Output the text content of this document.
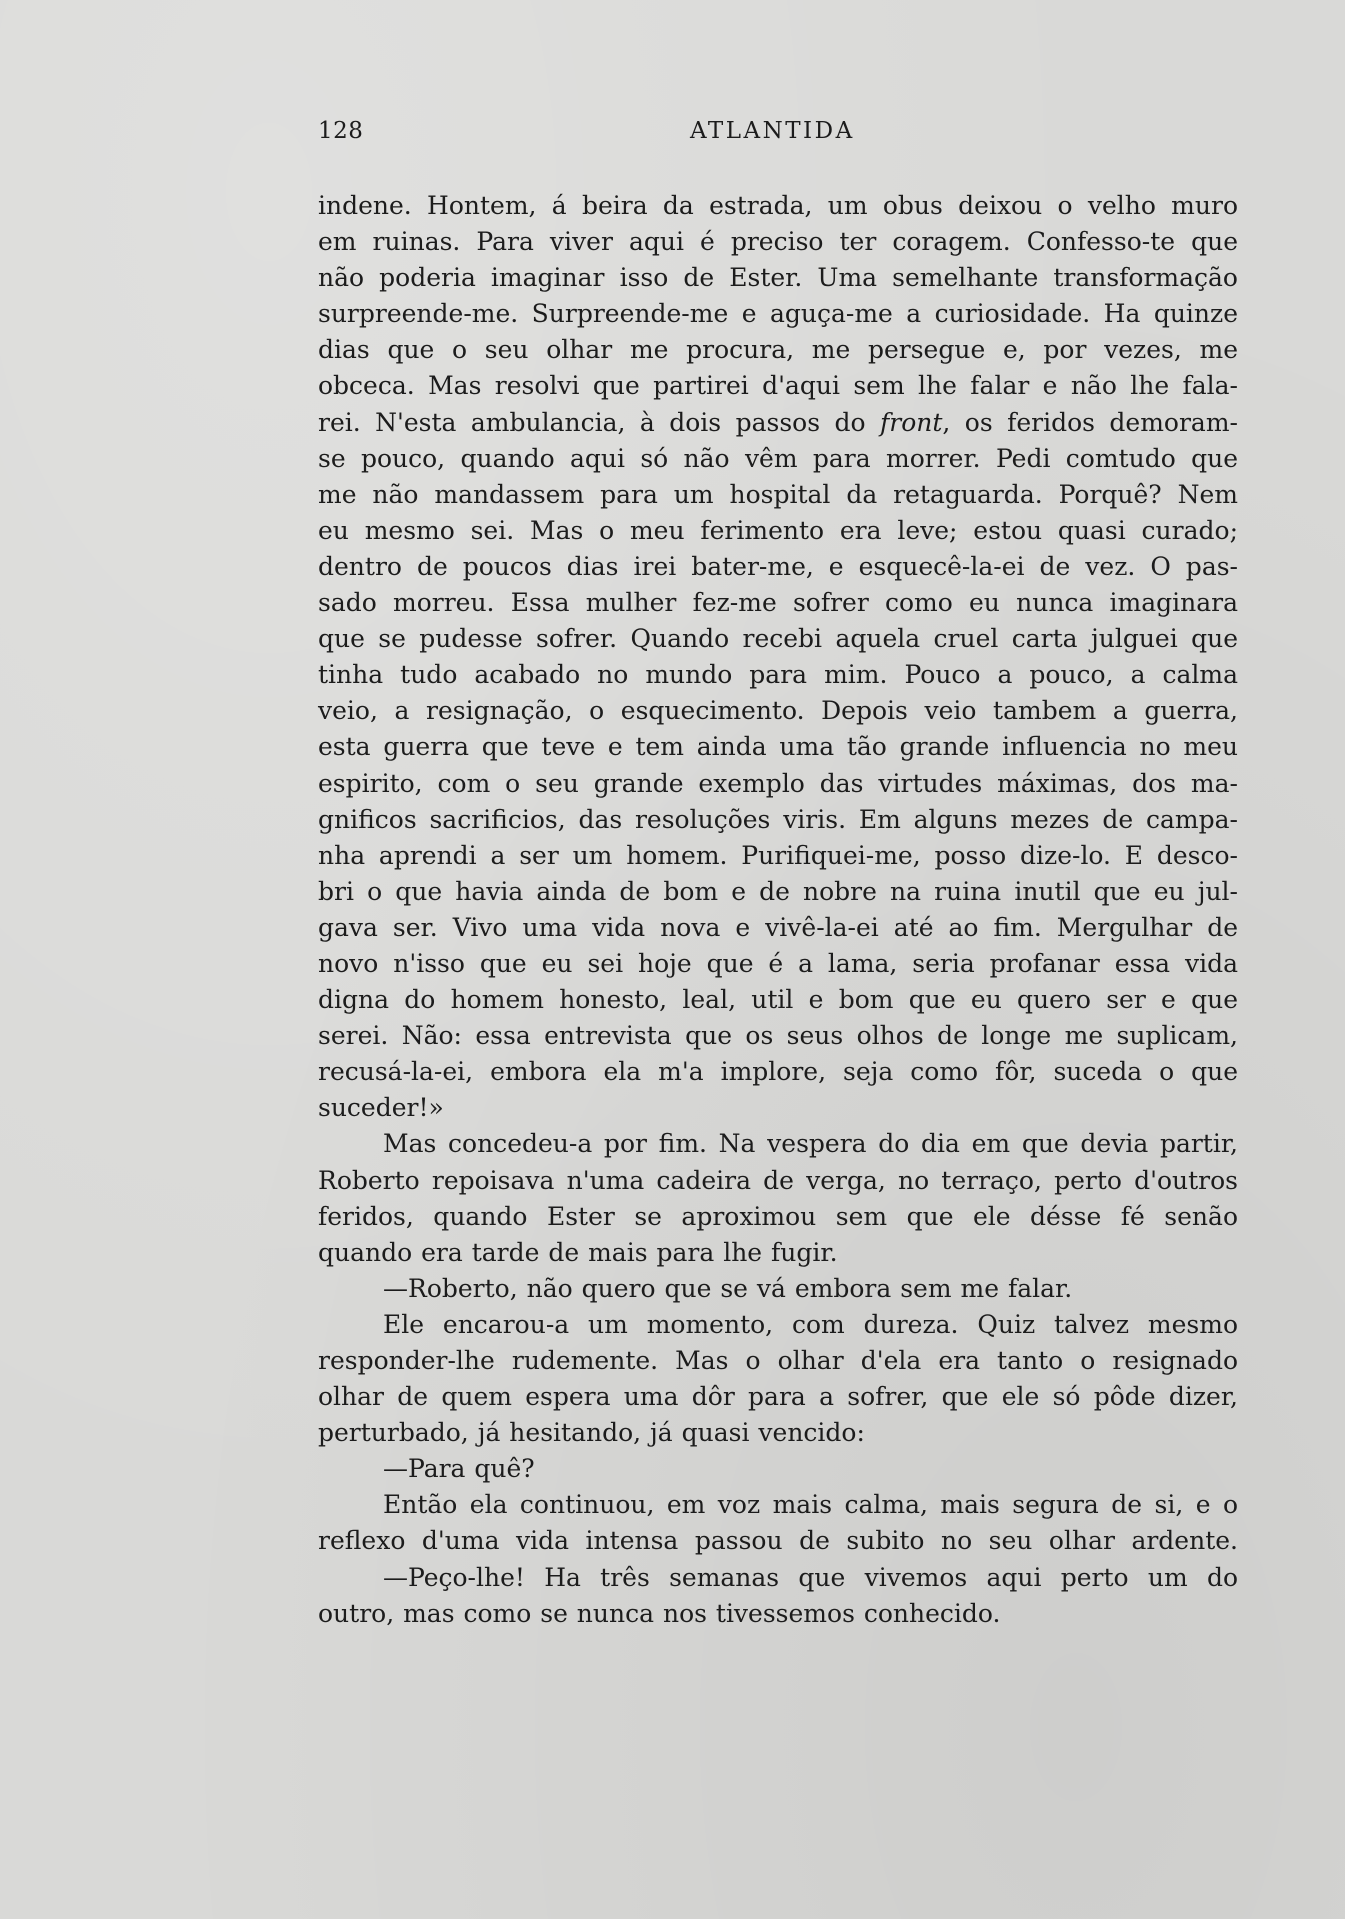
128	ATLANTIDA
indene. Hontem, á beira da estrada, um obus deixou o velho muro
em ruinas. Para viver aqui é preciso ter coragem. Confesso-te que
não poderia imaginar isso de Ester. Uma semelhante transformação
surpreende-me. Surpreende-me e aguça-me a curiosidade. Ha quinze
dias que o seu olhar me procura, me persegue e, por vezes, me
obceca. Mas resolvi que partirei d'aqui sem lhe falar e não lhe fala-
rei. N'esta ambulancia, à dois passos do front, os feridos demoram-
se pouco, quando aqui só não vêm para morrer. Pedi comtudo que
me não mandassem para um hospital da retaguarda. Porquê? Nem
eu mesmo sei. Mas o meu ferimento era leve; estou quasi curado;
dentro de poucos dias irei bater-me, e esquecê-la-ei de vez. O pas-
sado morreu. Essa mulher fez-me sofrer como eu nunca imaginara
que se pudesse sofrer. Quando recebi aquela cruel carta julguei que
tinha tudo acabado no mundo para mim. Pouco a pouco, a calma
veio, a resignação, o esquecimento. Depois veio tambem a guerra,
esta guerra que teve e tem ainda uma tão grande influencia no meu
espirito, com o seu grande exemplo das virtudes máximas, dos ma-
gnificos sacrificios, das resoluções viris. Em alguns mezes de campa-
nha aprendi a ser um homem. Purifiquei-me, posso dize-lo. E desco-
bri o que havia ainda de bom e de nobre na ruina inutil que eu jul-
gava ser. Vivo uma vida nova e vivê-la-ei até ao fim. Mergulhar de
novo n'isso que eu sei hoje que é a lama, seria profanar essa vida
digna do homem honesto, leal, util e bom que eu quero ser e que
serei. Não: essa entrevista que os seus olhos de longe me suplicam,
recusá-la-ei, embora ela m'a implore, seja como fôr, suceda o que
suceder!»
Mas concedeu-a por fim. Na vespera do dia em que devia partir,
Roberto repoisava n'uma cadeira de verga, no terraço, perto d'outros
feridos, quando Ester se aproximou sem que ele désse fé senão
quando era tarde de mais para lhe fugir.
—Roberto, não quero que se vá embora sem me falar.
Ele encarou-a um momento, com dureza. Quiz talvez mesmo
responder-lhe rudemente. Mas o olhar d'ela era tanto o resignado
olhar de quem espera uma dôr para a sofrer, que ele só pôde dizer,
perturbado, já hesitando, já quasi vencido:
—Para quê?
Então ela continuou, em voz mais calma, mais segura de si, e o
reflexo d'uma vida intensa passou de subito no seu olhar ardente.
—Peço-lhe! Ha três semanas que vivemos aqui perto um do
outro, mas como se nunca nos tivessemos conhecido.
